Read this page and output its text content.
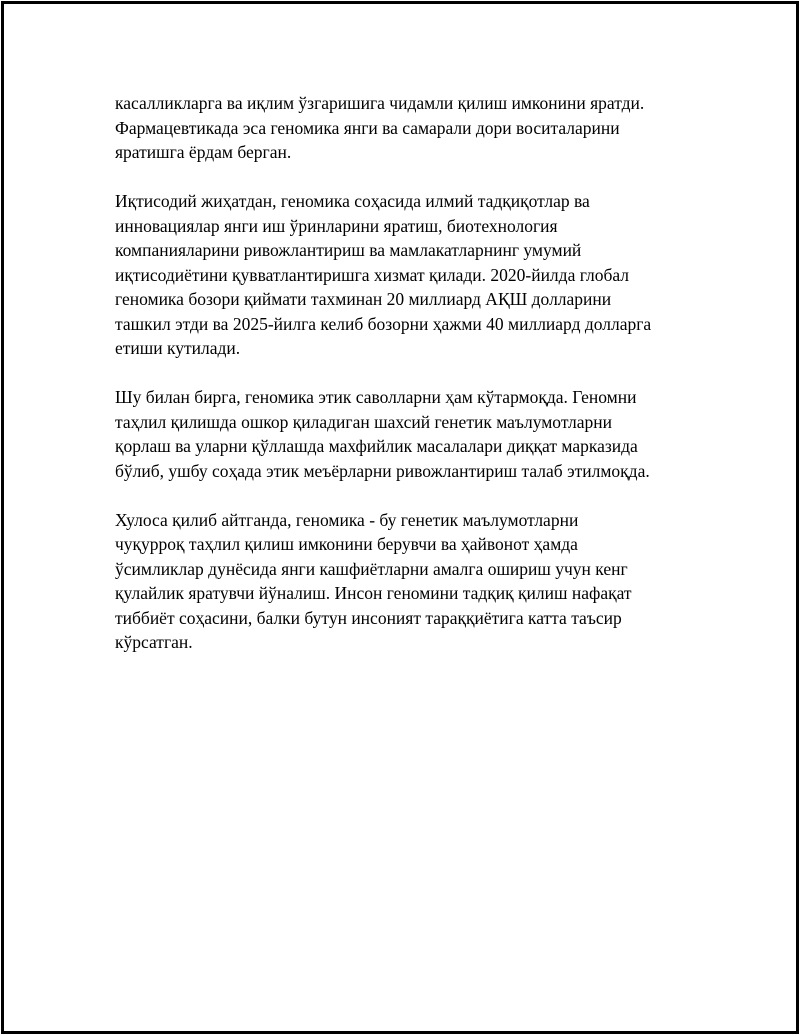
касалликларга ва иқлим ўзгаришига чидамли қилиш имконини яратди.
Фармацевтикада эса геномика янги ва самарали дори воситаларини
яратишга ёрдам берган.

Иқтисодий жиҳатдан, геномика соҳасида илмий тадқиқотлар ва
инновациялар янги иш ўринларини яратиш, биотехнология
компанияларини ривожлантириш ва мамлакатларнинг умумий
иқтисодиётини қувватлантиришга хизмат қилади. 2020-йилда глобал
геномика бозори қиймати тахминан 20 миллиард АҚШ долларини
ташкил этди ва 2025-йилга келиб бозорни ҳажми 40 миллиард долларга
етиши кутилади.

Шу билан бирга, геномика этик саволларни ҳам кўтармоқда. Геномни
таҳлил қилишда ошкор қиладиган шахсий генетик маълумотларни
қорлаш ва уларни қўллашда махфийлик масалалари диққат марказида
бўлиб, ушбу соҳада этик меъёрларни ривожлантириш талаб этилмоқда.

Хулоса қилиб айтганда, геномика - бу генетик маълумотларни
чуқурроқ таҳлил қилиш имконини берувчи ва ҳайвонот ҳамда
ўсимликлар дунёсида янги кашфиётларни амалга ошириш учун кенг
қулайлик яратувчи йўналиш. Инсон геномини тадқиқ қилиш нафақат
тиббиёт соҳасини, балки бутун инсоният тараққиётига катта таъсир
кўрсатган.
